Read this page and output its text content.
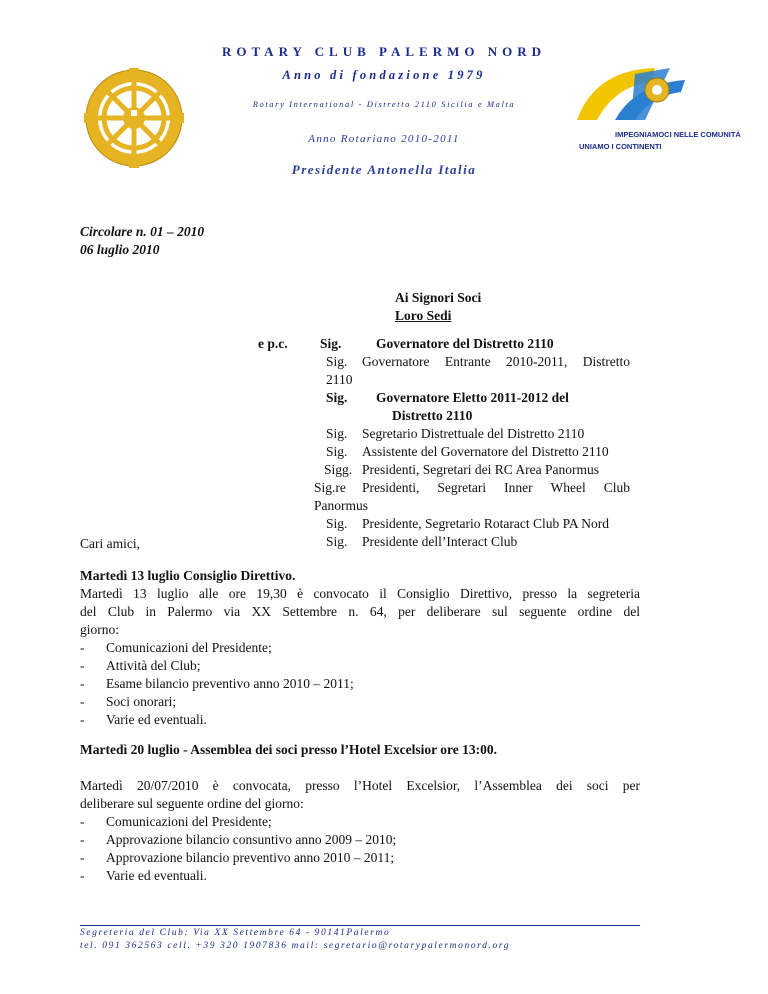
ROTARY CLUB PALERMO NORD
Anno di fondazione 1979
Rotary International - Distretto 2110 Sicilia e Malta
Anno Rotariano 2010-2011
Presidente Antonella Italia
IMPEGNIAMOCI NELLE COMUNITÀ
UNIAMO I CONTINENTI
Circolare n. 01 – 2010
06 luglio 2010
Ai Signori Soci
Loro Sedi
e p.c. Sig.	Governatore del Distretto 2110
Sig. Governatore Entrante 2010-2011, Distretto
2110
Sig. Governatore Eletto 2011-2012 del
Distretto 2110
Sig. Segretario Distrettuale del Distretto 2110
Sig. Assistente del Governatore del Distretto 2110
Sigg. Presidenti, Segretari dei RC Area Panormus
Sig.re Presidenti, Segretari Inner Wheel Club
Panormus
Sig. Presidente, Segretario Rotaract Club PA Nord
Sig. Presidente dell’Interact Club
Cari amici,
Martedì 13 luglio Consiglio Direttivo.
Martedì 13 luglio alle ore 19,30 è convocato il Consiglio Direttivo, presso la segreteria
del Club in Palermo via XX Settembre n. 64, per deliberare sul seguente ordine del
giorno:
- Comunicazioni del Presidente;
- Attività del Club;
- Esame bilancio preventivo anno 2010 – 2011;
- Soci onorari;
- Varie ed eventuali.
Martedì 20 luglio - Assemblea dei soci presso l’Hotel Excelsior ore 13:00.
Martedì 20/07/2010 è convocata, presso l’Hotel Excelsior, l’Assemblea dei soci per
deliberare sul seguente ordine del giorno:
- Comunicazioni del Presidente;
- Approvazione bilancio consuntivo anno 2009 – 2010;
- Approvazione bilancio preventivo anno 2010 – 2011;
- Varie ed eventuali.
Segreteria del Club: Via XX Settembre 64 - 90141Palermo
tel. 091 362563 cell. +39 320 1907836 mail: segretario@rotarypalermonord.org
